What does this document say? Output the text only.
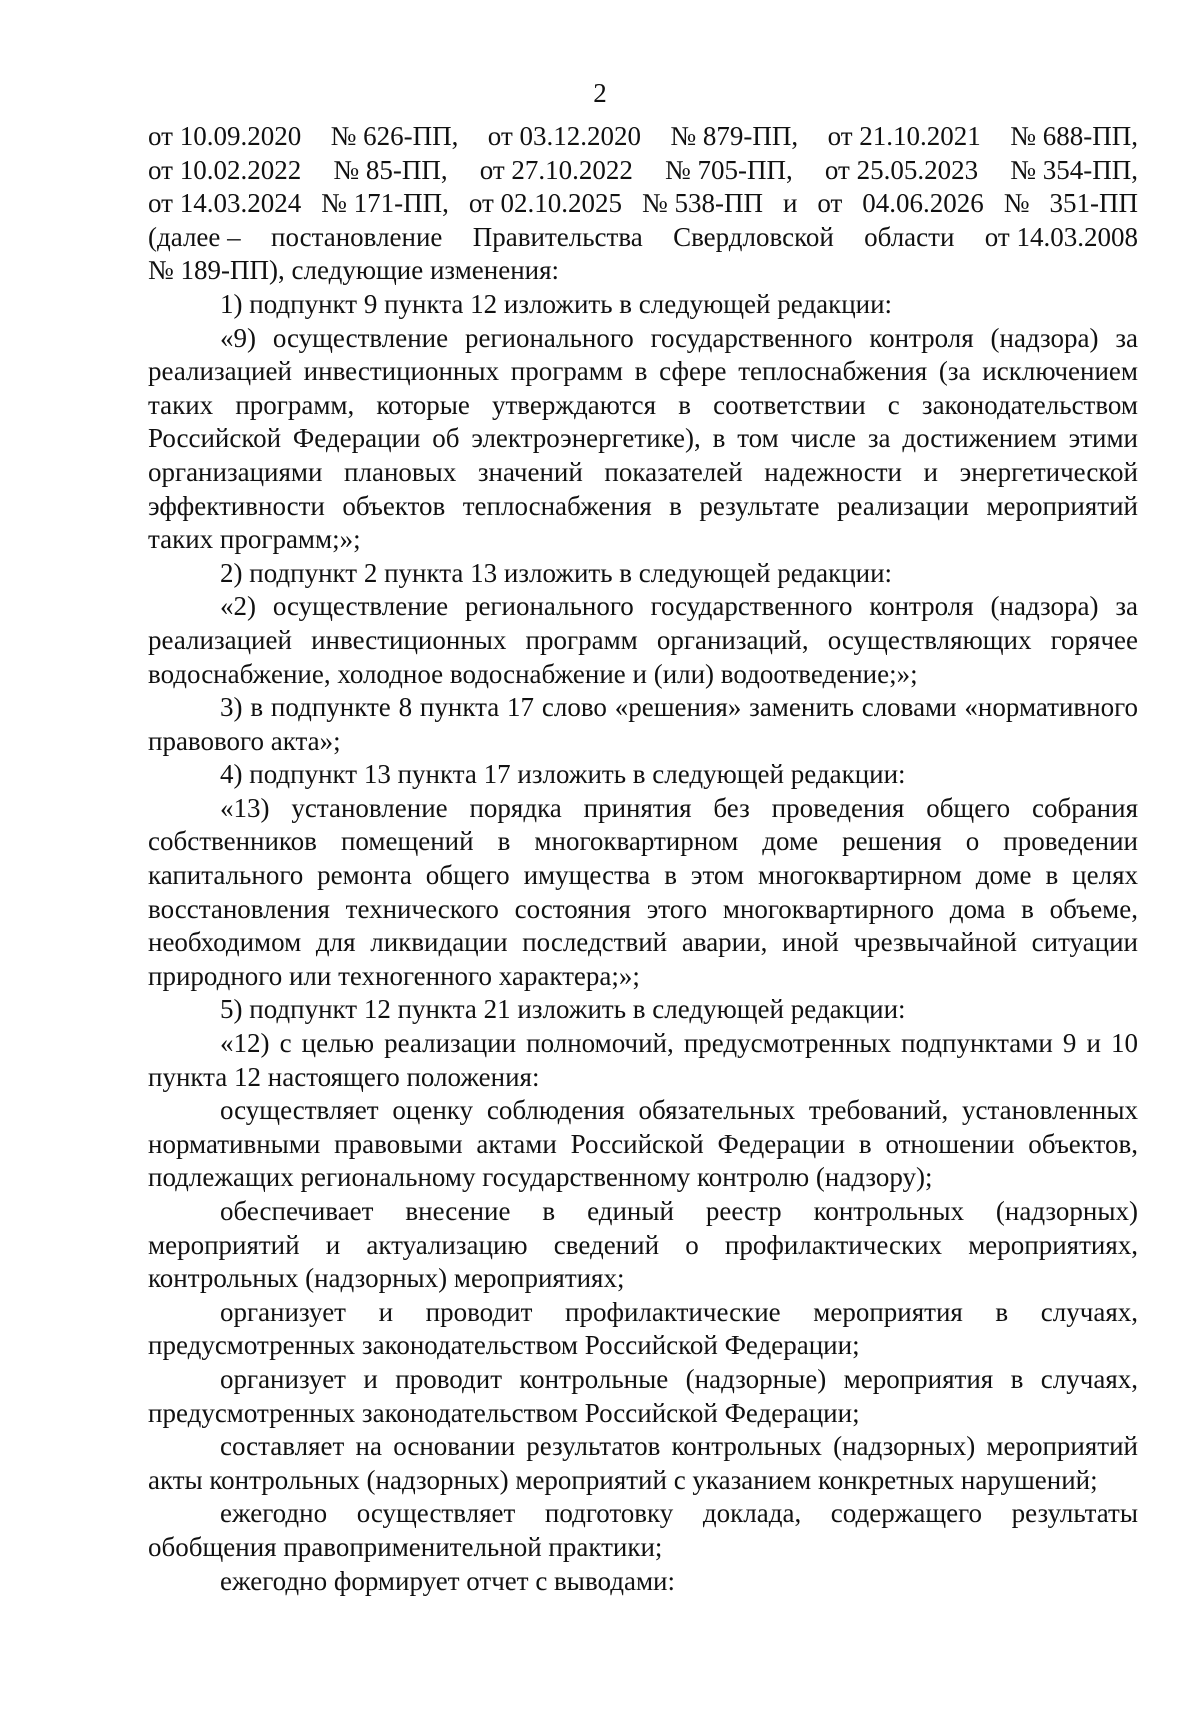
2
от 10.09.2020 № 626-ПП, от 03.12.2020 № 879-ПП, от 21.10.2021 № 688-ПП,
от 10.02.2022 № 85-ПП, от 27.10.2022 № 705-ПП, от 25.05.2023 № 354-ПП,
от 14.03.2024 № 171-ПП, от 02.10.2025 № 538-ПП и от 04.06.2026 № 351-ПП
(далее – постановление Правительства Свердловской области от 14.03.2008

№ 189-ПП), следующие изменения:

1) подпункт 9 пункта 12 изложить в следующей редакции:

«9) осуществление регионального государственного контроля (надзора) за реализацией инвестиционных программ в сфере теплоснабжения (за исключением таких программ, которые утверждаются в соответствии с законодательством Российской Федерации об электроэнергетике), в том числе за достижением этими организациями плановых значений показателей надежности и энергетической эффективности объектов теплоснабжения в результате реализации мероприятий таких программ;»;

2) подпункт 2 пункта 13 изложить в следующей редакции:

«2) осуществление регионального государственного контроля (надзора) за реализацией инвестиционных программ организаций, осуществляющих горячее водоснабжение, холодное водоснабжение и (или) водоотведение;»;

3) в подпункте 8 пункта 17 слово «решения» заменить словами «нормативного правового акта»;

4) подпункт 13 пункта 17 изложить в следующей редакции:

«13) установление порядка принятия без проведения общего собрания собственников помещений в многоквартирном доме решения о проведении капитального ремонта общего имущества в этом многоквартирном доме в целях восстановления технического состояния этого многоквартирного дома в объеме, необходимом для ликвидации последствий аварии, иной чрезвычайной ситуации природного или техногенного характера;»;

5) подпункт 12 пункта 21 изложить в следующей редакции:

«12) с целью реализации полномочий, предусмотренных подпунктами 9 и 10 пункта 12 настоящего положения:

осуществляет оценку соблюдения обязательных требований, установленных нормативными правовыми актами Российской Федерации в отношении объектов, подлежащих региональному государственному контролю (надзору);

обеспечивает внесение в единый реестр контрольных (надзорных) мероприятий и актуализацию сведений о профилактических мероприятиях, контрольных (надзорных) мероприятиях;

организует и проводит профилактические мероприятия в случаях, предусмотренных законодательством Российской Федерации;

организует и проводит контрольные (надзорные) мероприятия в случаях, предусмотренных законодательством Российской Федерации;

составляет на основании результатов контрольных (надзорных) мероприятий акты контрольных (надзорных) мероприятий с указанием конкретных нарушений;

ежегодно осуществляет подготовку доклада, содержащего результаты обобщения правоприменительной практики;

ежегодно формирует отчет с выводами:
